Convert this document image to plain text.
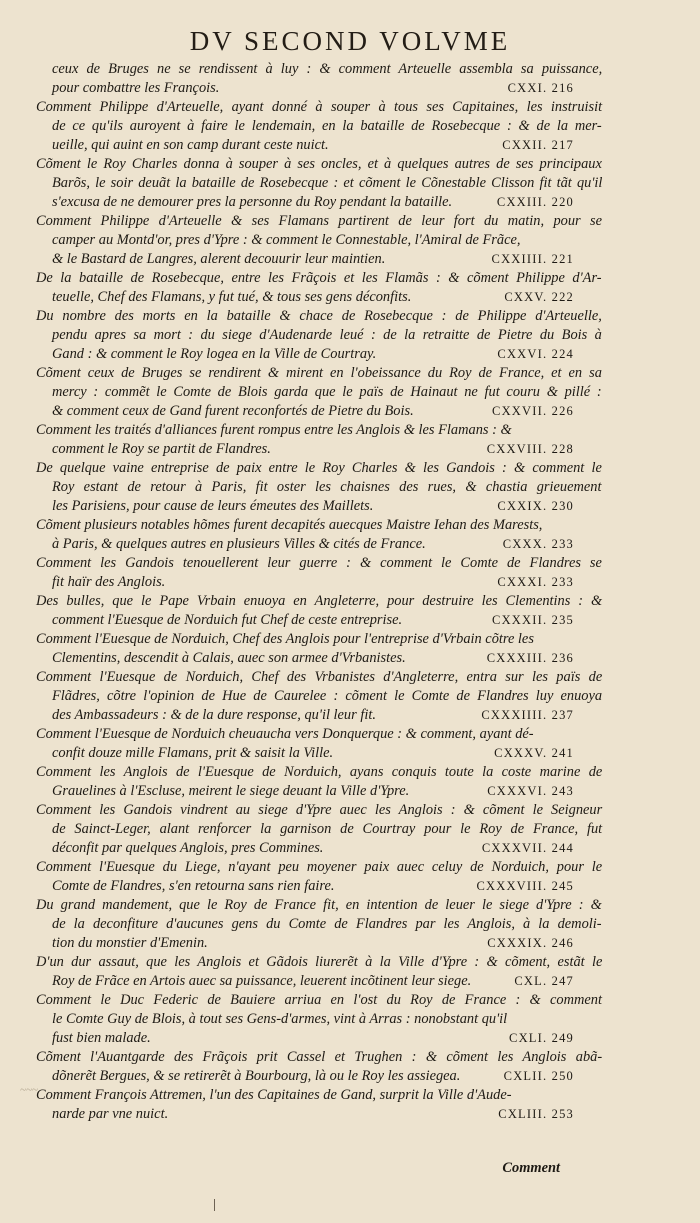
DV SECOND VOLVME
ceux de Bruges ne se rendissent à luy : & comment Arteuelle assembla sa puissance,
pour combattre les François.	CXXI. 216
Comment Philippe d'Arteuelle, ayant donné à souper à tous ses Capitaines, les instruisit
de ce qu'ils auroyent à faire le lendemain, en la bataille de Rosebecque : & de la mer-
ueille, qui auint en son camp durant ceste nuict.	CXXII. 217
Cõment le Roy Charles donna à souper à ses oncles, et à quelques autres de ses principaux
Barõs, le soir deuãt la bataille de Rosebecque : et cõment le Cõnestable Clisson fit tãt qu'il
s'excusa de ne demourer pres la personne du Roy pendant la bataille.	CXXIII. 220
Comment Philippe d'Arteuelle & ses Flamans partirent de leur fort du matin, pour se
camper au Montd'or, pres d'Ypre : & comment le Connestable, l'Amiral de Frãce,
& le Bastard de Langres, alerent decouurir leur maintien.	CXXIIII. 221
De la bataille de Rosebecque, entre les Frãçois et les Flamãs : & cõment Philippe d'Ar-
teuelle, Chef des Flamans, y fut tué, & tous ses gens déconfits.	CXXV. 222
Du nombre des morts en la bataille & chace de Rosebecque : de Philippe d'Arteuelle,
pendu apres sa mort : du siege d'Audenarde leué : de la retraitte de Pietre du Bois à
Gand : & comment le Roy logea en la Ville de Courtray.	CXXVI. 224
Cõment ceux de Bruges se rendirent & mirent en l'obeissance du Roy de France, et en sa
mercy : commẽt le Comte de Blois garda que le païs de Hainaut ne fut couru & pillé :
& comment ceux de Gand furent reconfortés de Pietre du Bois.	CXXVII. 226
Comment les traités d'alliances furent rompus entre les Anglois & les Flamans : &
comment le Roy se partit de Flandres.	CXXVIII. 228
De quelque vaine entreprise de paix entre le Roy Charles & les Gandois : & comment le
Roy estant de retour à Paris, fit oster les chaisnes des rues, & chastia grieuement
les Parisiens, pour cause de leurs émeutes des Maillets.	CXXIX. 230
Cõment plusieurs notables hõmes furent decapités auecques Maistre Iehan des Marests,
à Paris, & quelques autres en plusieurs Villes & cités de France.	CXXX. 233
Comment les Gandois tenouellerent leur guerre : & comment le Comte de Flandres se
fit haïr des Anglois.	CXXXI. 233
Des bulles, que le Pape Vrbain enuoya en Angleterre, pour destruire les Clementins : &
comment l'Euesque de Norduich fut Chef de ceste entreprise.	CXXXII. 235
Comment l'Euesque de Norduich, Chef des Anglois pour l'entreprise d'Vrbain cõtre les
Clementins, descendit à Calais, auec son armee d'Vrbanistes.	CXXXIII. 236
Comment l'Euesque de Norduich, Chef des Vrbanistes d'Angleterre, entra sur les païs de
Flãdres, cõtre l'opinion de Hue de Caurelee : cõment le Comte de Flandres luy enuoya
des Ambassadeurs : & de la dure response, qu'il leur fit.	CXXXIIII. 237
Comment l'Euesque de Norduich cheuaucha vers Donquerque : & comment, ayant dé-
confit douze mille Flamans, prit & saisit la Ville.	CXXXV. 241
Comment les Anglois de l'Euesque de Norduich, ayans conquis toute la coste marine de
Grauelines à l'Escluse, meirent le siege deuant la Ville d'Ypre.	CXXXVI. 243
Comment les Gandois vindrent au siege d'Ypre auec les Anglois : & cõment le Seigneur
de Sainct-Leger, alant renforcer la garnison de Courtray pour le Roy de France, fut
déconfit par quelques Anglois, pres Commines.	CXXXVII. 244
Comment l'Euesque du Liege, n'ayant peu moyener paix auec celuy de Norduich, pour le
Comte de Flandres, s'en retourna sans rien faire.	CXXXVIII. 245
Du grand mandement, que le Roy de France fit, en intention de leuer le siege d'Ypre : &
de la deconfiture d'aucunes gens du Comte de Flandres par les Anglois, à la demoli-
tion du monstier d'Emenin.	CXXXIX. 246
D'un dur assaut, que les Anglois et Gãdois liurerẽt à la Ville d'Ypre : & cõment, estãt le
Roy de Frãce en Artois auec sa puissance, leuerent incõtinent leur siege.	CXL. 247
Comment le Duc Federic de Bauiere arriua en l'ost du Roy de France : & comment
le Comte Guy de Blois, à tout ses Gens-d'armes, vint à Arras : nonobstant qu'il
fust bien malade.	CXLI. 249
Cõment l'Auantgarde des Frãçois prit Cassel et Trughen : & cõment les Anglois abã-
dõnerẽt Bergues, & se retirerẽt à Bourbourg, là ou le Roy les assiegea.	CXLII. 250
Comment François Attremen, l'un des Capitaines de Gand, surprit la Ville d'Aude-
narde par vne nuict.	CXLIII. 253
Comment
~~~
